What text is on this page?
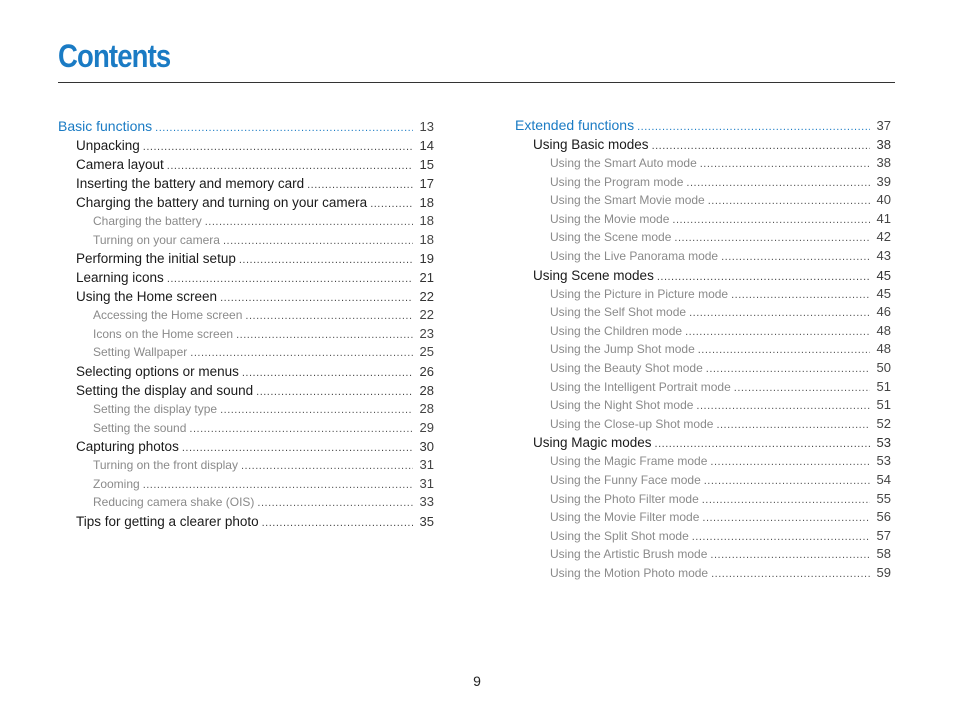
Contents
Basic functions .....	13
Unpacking .....	14
Camera layout .....	15
Inserting the battery and memory card .....	17
Charging the battery and turning on your camera .....	18
Charging the battery .....	18
Turning on your camera .....	18
Performing the initial setup .....	19
Learning icons .....	21
Using the Home screen .....	22
Accessing the Home screen .....	22
Icons on the Home screen .....	23
Setting Wallpaper .....	25
Selecting options or menus .....	26
Setting the display and sound .....	28
Setting the display type .....	28
Setting the sound .....	29
Capturing photos .....	30
Turning on the front display .....	31
Zooming .....	31
Reducing camera shake (OIS) .....	33
Tips for getting a clearer photo .....	35
Extended functions .....	37
Using Basic modes .....	38
Using the Smart Auto mode .....	38
Using the Program mode .....	39
Using the Smart Movie mode .....	40
Using the Movie mode .....	41
Using the Scene mode .....	42
Using the Live Panorama mode .....	43
Using Scene modes .....	45
Using the Picture in Picture mode .....	45
Using the Self Shot mode .....	46
Using the Children mode .....	48
Using the Jump Shot mode .....	48
Using the Beauty Shot mode .....	50
Using the Intelligent Portrait mode .....	51
Using the Night Shot mode .....	51
Using the Close-up Shot mode .....	52
Using Magic modes .....	53
Using the Magic Frame mode .....	53
Using the Funny Face mode .....	54
Using the Photo Filter mode .....	55
Using the Movie Filter mode .....	56
Using the Split Shot mode .....	57
Using the Artistic Brush mode .....	58
Using the Motion Photo mode .....	59
9
